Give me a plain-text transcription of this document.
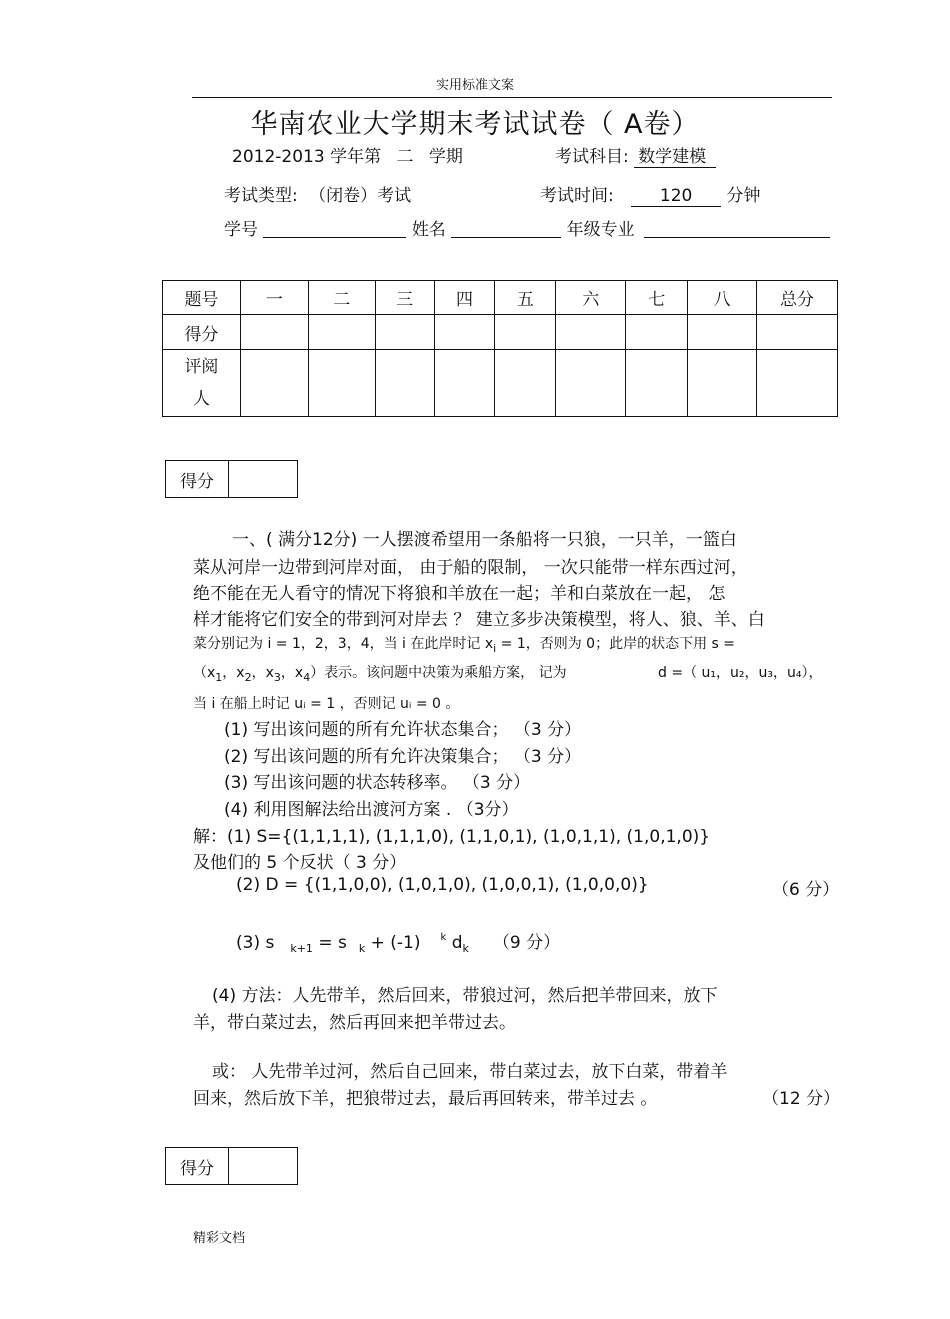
实用标准文案
华南农业大学期末考试试卷（ A卷）
2012-2013 学年第 二 学期	考试科目: 数学建模
考试类型: （闭卷）考试	考试时间:	120 分钟
学号	姓名	年级专业
题号	一	二	三	四	五	六	七	八	总分
得分									

评阅
人									

得分
一、( 满分12分) 一人摆渡希望用一条船将一只狼，一只羊，一篮白
菜从河岸一边带到河岸对面， 由于船的限制， 一次只能带一样东西过河，
绝不能在无人看守的情况下将狼和羊放在一起；羊和白菜放在一起， 怎
样才能将它们安全的带到河对岸去 ？ 建立多步决策模型，将人、狼、羊、白
菜分别记为 i = 1，2，3，4，当 i 在此岸时记 $x_i = 1$，否则为 0；此岸的状态下用 s =
（$x_1$，$x_2$，$x_3$，$x_4$）表示。该问题中决策为乘船方案， 记为	d =（ u₁，u₂，u₃，u₄），
当 i 在船上时记 uᵢ = 1 ，否则记 uᵢ = 0 。
(1) 写出该问题的所有允许状态集合； （3 分）
(2) 写出该问题的所有允许决策集合； （3 分）
(3) 写出该问题的状态转移率。 （3 分）
(4) 利用图解法给出渡河方案 . （3分）
解：(1) S={(1,1,1,1), (1,1,1,0), (1,1,0,1), (1,0,1,1), (1,0,1,0)}
及他们的 5 个反状（ 3 分）
(2) D = {(1,1,0,0), (1,0,1,0), (1,0,0,1), (1,0,0,0)}	（6 分）
(3) s $_{k+1}$ = s $_k$ + (-1) $^k$ $d_k$ （9 分）
(4) 方法：人先带羊，然后回来，带狼过河，然后把羊带回来，放下
羊，带白菜过去，然后再回来把羊带过去。
或： 人先带羊过河，然后自己回来，带白菜过去，放下白菜，带着羊
回来，然后放下羊，把狼带过去，最后再回转来，带羊过去 。	（12 分）
得分
精彩文档
